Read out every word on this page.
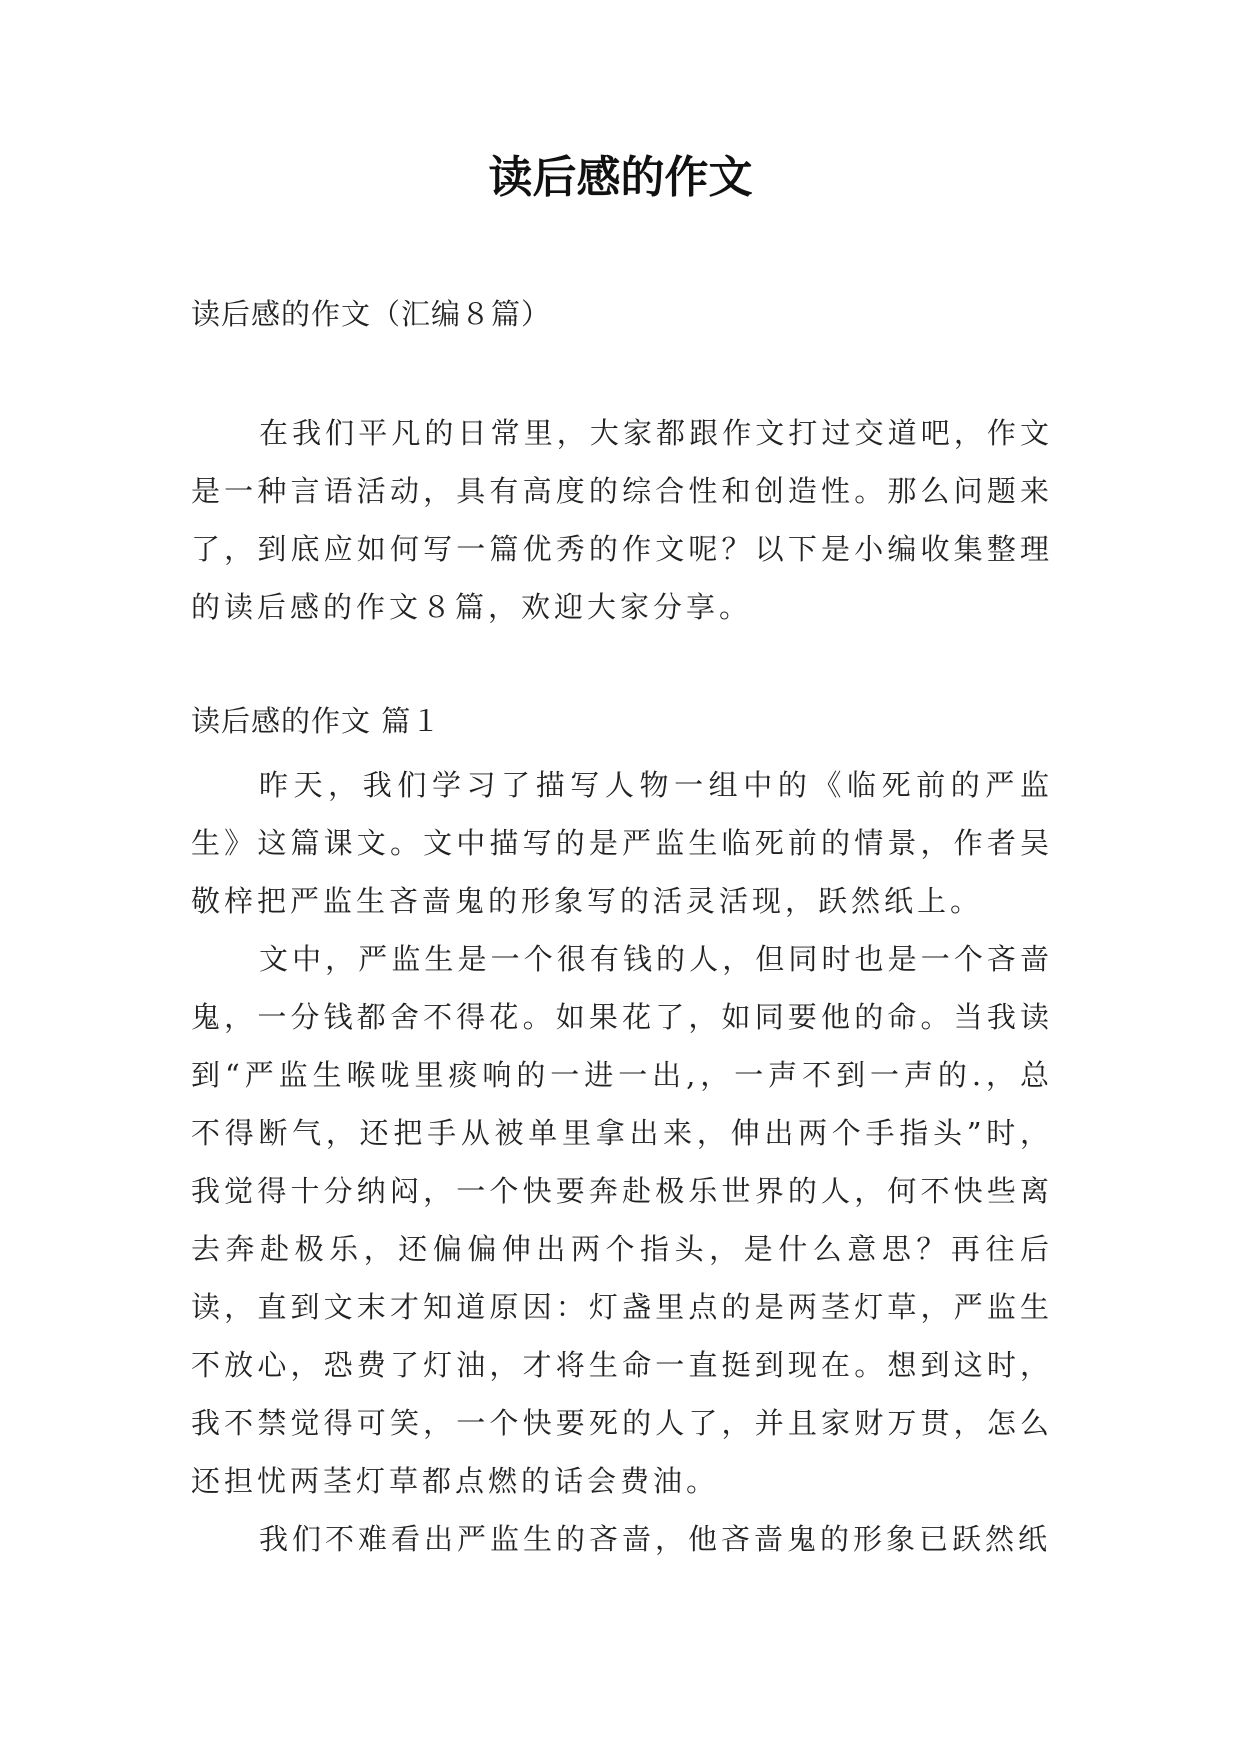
读后感的作文

读后感的作文（汇编８篇）

在我们平凡的日常里，大家都跟作文打过交道吧，作文是一种言语活动，具有高度的综合性和创造性。那么问题来了，到底应如何写一篇优秀的作文呢？以下是小编收集整理的读后感的作文８篇，欢迎大家分享。

读后感的作文 篇１

昨天，我们学习了描写人物一组中的《临死前的严监生》这篇课文。文中描写的是严监生临死前的情景，作者吴敬梓把严监生吝啬鬼的形象写的活灵活现，跃然纸上。

文中，严监生是一个很有钱的人，但同时也是一个吝啬鬼，一分钱都舍不得花。如果花了，如同要他的命。当我读到“严监生喉咙里痰响的一进一出,，一声不到一声的.，总不得断气，还把手从被单里拿出来，伸出两个手指头”时，我觉得十分纳闷，一个快要奔赴极乐世界的人，何不快些离去奔赴极乐，还偏偏伸出两个指头，是什么意思？再往后读，直到文末才知道原因：灯盏里点的是两茎灯草，严监生不放心，恐费了灯油，才将生命一直挺到现在。想到这时，我不禁觉得可笑，一个快要死的人了，并且家财万贯，怎么还担忧两茎灯草都点燃的话会费油。

我们不难看出严监生的吝啬，他吝啬鬼的形象已跃然纸
